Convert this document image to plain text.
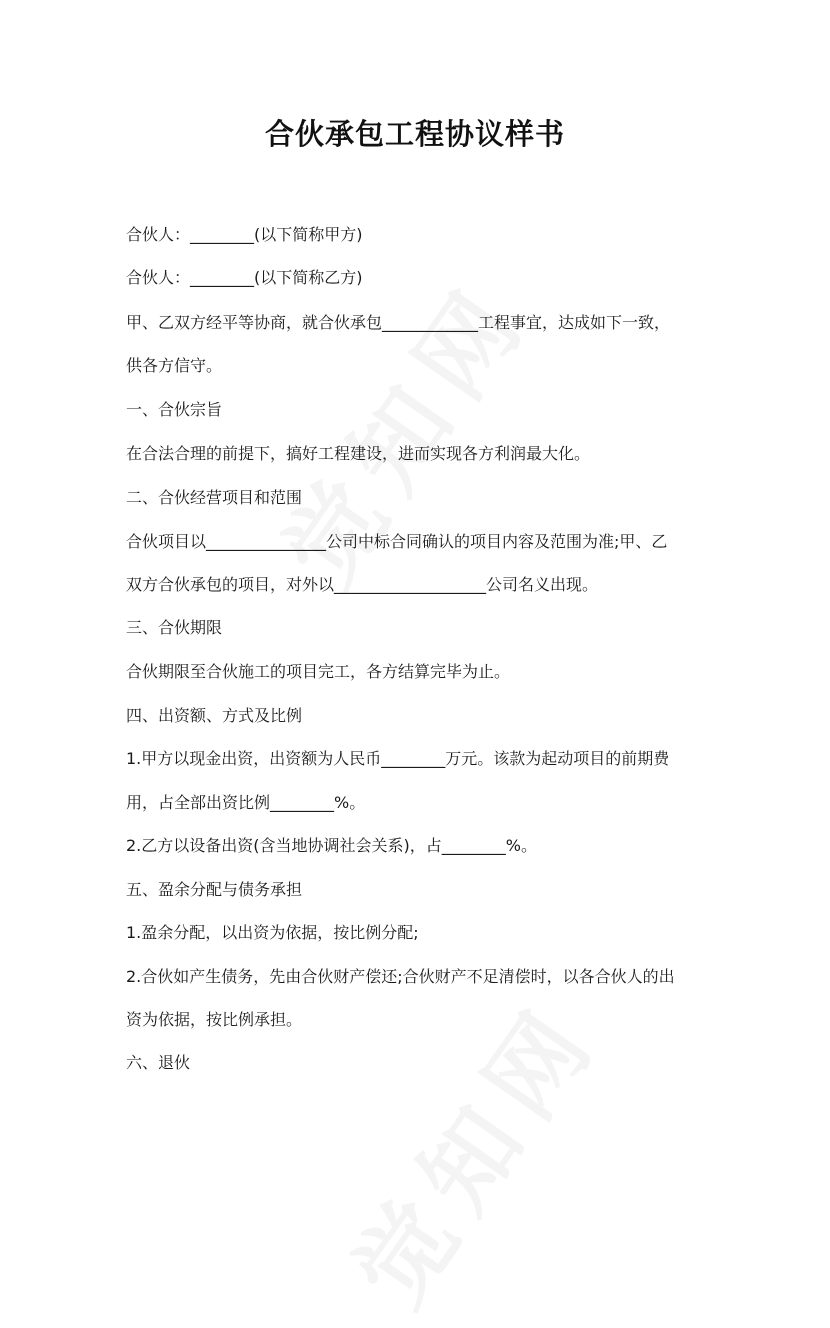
合伙承包工程协议样书
合伙人：________(以下简称甲方)
合伙人：________(以下简称乙方)
甲、乙双方经平等协商，就合伙承包____________工程事宜，达成如下一致，
供各方信守。
一、合伙宗旨
在合法合理的前提下，搞好工程建设，进而实现各方利润最大化。
二、合伙经营项目和范围
合伙项目以_______________公司中标合同确认的项目内容及范围为准;甲、乙
双方合伙承包的项目，对外以___________________公司名义出现。
三、合伙期限
合伙期限至合伙施工的项目完工，各方结算完毕为止。
四、出资额、方式及比例
1.甲方以现金出资，出资额为人民币________万元。该款为起动项目的前期费
用，占全部出资比例________%。
2.乙方以设备出资(含当地协调社会关系)，占________%。
五、盈余分配与债务承担
1.盈余分配，以出资为依据，按比例分配;
2.合伙如产生债务，先由合伙财产偿还;合伙财产不足清偿时，以各合伙人的出
资为依据，按比例承担。
六、退伙
